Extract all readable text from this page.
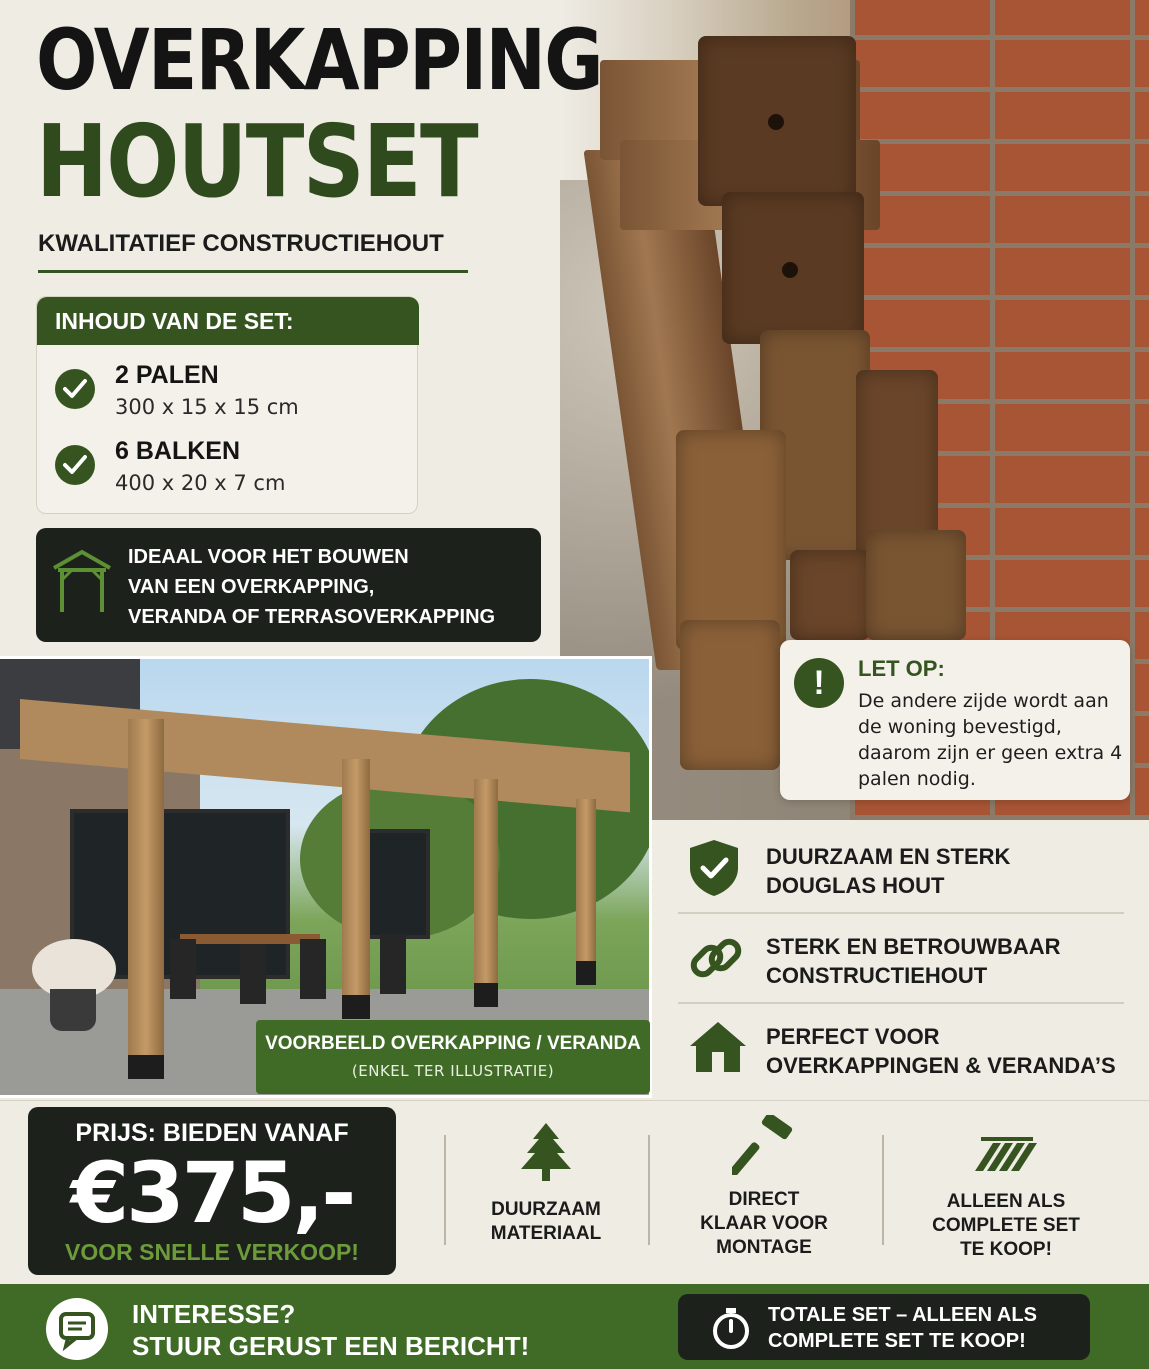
OVERKAPPING
HOUTSET
KWALITATIEF CONSTRUCTIEHOUT
INHOUD VAN DE SET:
2 PALEN
300 x 15 x 15 cm
6 BALKEN
400 x 20 x 7 cm
IDEAAL VOOR HET BOUWEN
VAN EEN OVERKAPPING,
VERANDA OF TERRASOVERKAPPING
VOORBEELD OVERKAPPING / VERANDA
(ENKEL TER ILLUSTRATIE)
!	LET OP:
De andere zijde wordt aan de woning bevestigd, daarom zijn er geen extra 4 palen nodig.
DUURZAAM EN STERK
DOUGLAS HOUT
STERK EN BETROUWBAAR
CONSTRUCTIEHOUT
PERFECT VOOR
OVERKAPPINGEN & VERANDA’S
PRIJS: BIEDEN VANAF
€375,-
VOOR SNELLE VERKOOP!
DUURZAAM
MATERIAAL
DIRECT
KLAAR VOOR
MONTAGE
ALLEEN ALS
COMPLETE SET
TE KOOP!
INTERESSE?
STUUR GERUST EEN BERICHT!
TOTALE SET – ALLEEN ALS
COMPLETE SET TE KOOP!
